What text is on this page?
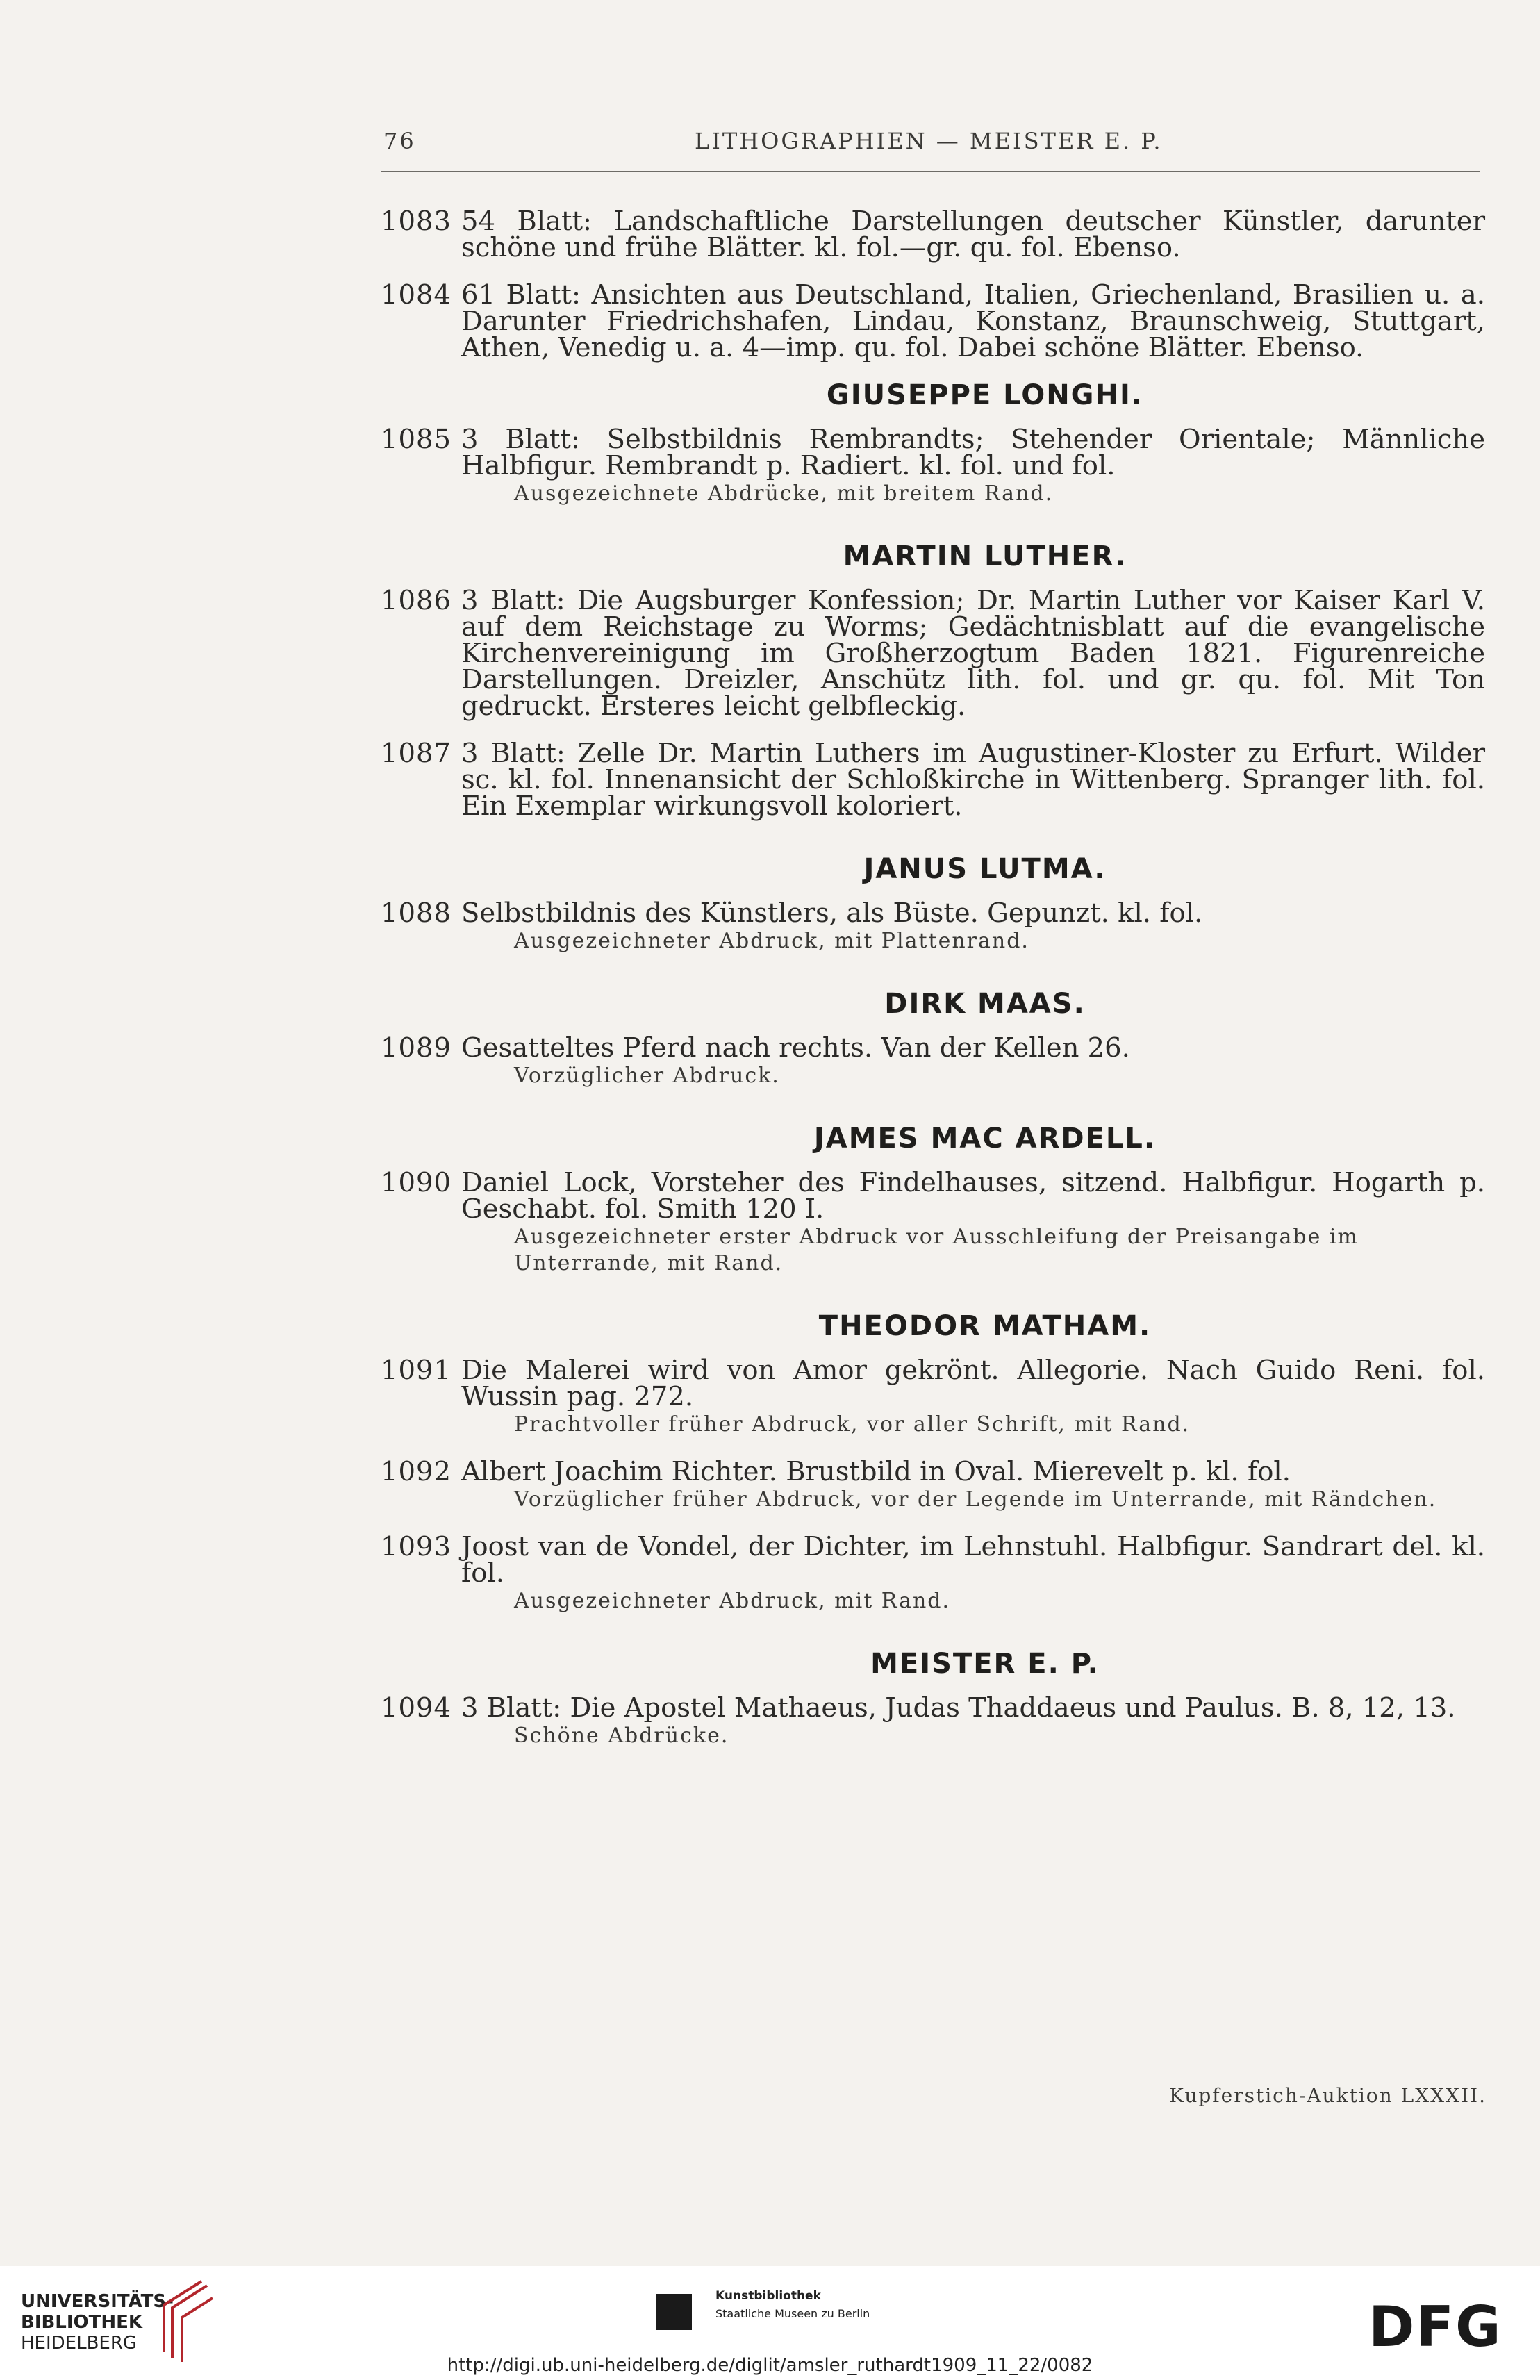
76	LITHOGRAPHIEN — MEISTER E. P.
1083 54 Blatt: Landschaftliche Darstellungen deutscher Künstler, darunter schöne und frühe Blätter. kl. fol.—gr. qu. fol. Ebenso.
1084 61 Blatt: Ansichten aus Deutschland, Italien, Griechenland, Brasilien u. a. Darunter Friedrichshafen, Lindau, Konstanz, Braunschweig, Stuttgart, Athen, Venedig u. a. 4—imp. qu. fol. Dabei schöne Blätter. Ebenso.
GIUSEPPE LONGHI.
1085 3 Blatt: Selbstbildnis Rembrandts; Stehender Orientale; Männliche Halbfigur. Rembrandt p. Radiert. kl. fol. und fol.
Ausgezeichnete Abdrücke, mit breitem Rand.
MARTIN LUTHER.
1086 3 Blatt: Die Augsburger Konfession; Dr. Martin Luther vor Kaiser Karl V. auf dem Reichstage zu Worms; Gedächtnisblatt auf die evangelische Kirchenvereinigung im Großherzogtum Baden 1821. Figurenreiche Darstellungen. Dreizler, Anschütz lith. fol. und gr. qu. fol. Mit Ton gedruckt. Ersteres leicht gelbfleckig.
1087 3 Blatt: Zelle Dr. Martin Luthers im Augustiner-Kloster zu Erfurt. Wilder sc. kl. fol. Innenansicht der Schloßkirche in Wittenberg. Spranger lith. fol. Ein Exemplar wirkungsvoll koloriert.
JANUS LUTMA.
1088 Selbstbildnis des Künstlers, als Büste. Gepunzt. kl. fol.
Ausgezeichneter Abdruck, mit Plattenrand.
DIRK MAAS.
1089 Gesatteltes Pferd nach rechts. Van der Kellen 26.
Vorzüglicher Abdruck.
JAMES MAC ARDELL.
1090 Daniel Lock, Vorsteher des Findelhauses, sitzend. Halbfigur. Hogarth p. Geschabt. fol. Smith 120 I.
Ausgezeichneter erster Abdruck vor Ausschleifung der Preisangabe im Unterrande, mit Rand.
THEODOR MATHAM.
1091 Die Malerei wird von Amor gekrönt. Allegorie. Nach Guido Reni. fol. Wussin pag. 272.
Prachtvoller früher Abdruck, vor aller Schrift, mit Rand.
1092 Albert Joachim Richter. Brustbild in Oval. Mierevelt p. kl. fol.
Vorzüglicher früher Abdruck, vor der Legende im Unterrande, mit Rändchen.
1093 Joost van de Vondel, der Dichter, im Lehnstuhl. Halbfigur. Sandrart del. kl. fol.
Ausgezeichneter Abdruck, mit Rand.
MEISTER E. P.
1094 3 Blatt: Die Apostel Mathaeus, Judas Thaddaeus und Paulus. B. 8, 12, 13.
Schöne Abdrücke.
Kupferstich-Auktion LXXXII.
UNIVERSITÄTS-
BIBLIOTHEK
HEIDELBERG
Kunstbibliothek
Staatliche Museen zu Berlin	DFG
http://digi.ub.uni-heidelberg.de/diglit/amsler_ruthardt1909_11_22/0082
